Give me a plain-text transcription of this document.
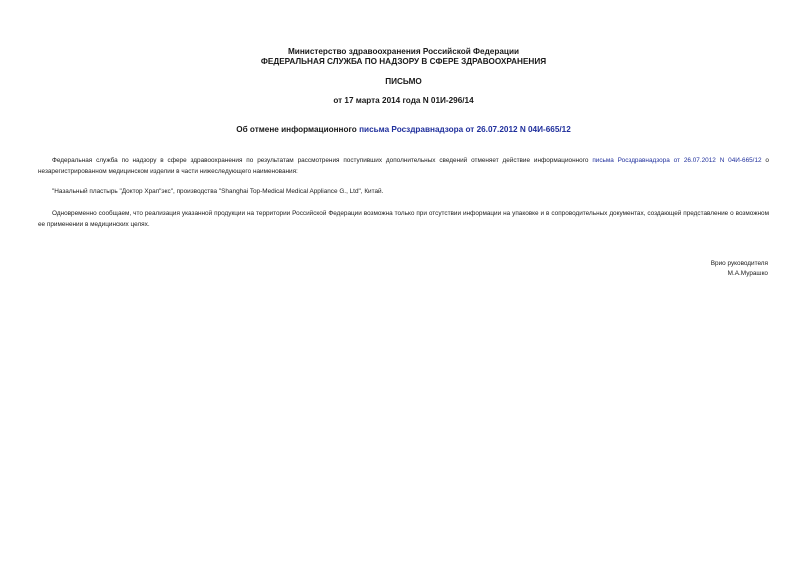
Министерство здравоохранения Российской Федерации
ФЕДЕРАЛЬНАЯ СЛУЖБА ПО НАДЗОРУ В СФЕРЕ ЗДРАВООХРАНЕНИЯ
ПИСЬМО
от 17 марта 2014 года N 01И-296/14
Об отмене информационного письма Росздравнадзора от 26.07.2012 N 04И-665/12
Федеральная служба по надзору в сфере здравоохранения по результатам рассмотрения поступивших дополнительных сведений отменяет действие информационного письма Росздравнадзора от 26.07.2012 N 04И-665/12 о незарегистрированном медицинском изделии в части нижеследующего наименования:
"Назальный пластырь "Доктор Храп"экс", производства "Shanghai Top-Medical Medical Appliance G., Ltd", Китай.
Одновременно сообщаем, что реализация указанной продукции на территории Российской Федерации возможна только при отсутствии информации на упаковке и в сопроводительных документах, создающей представление о возможном ее применении в медицинских целях.
Врио руководителя
М.А.Мурашко
